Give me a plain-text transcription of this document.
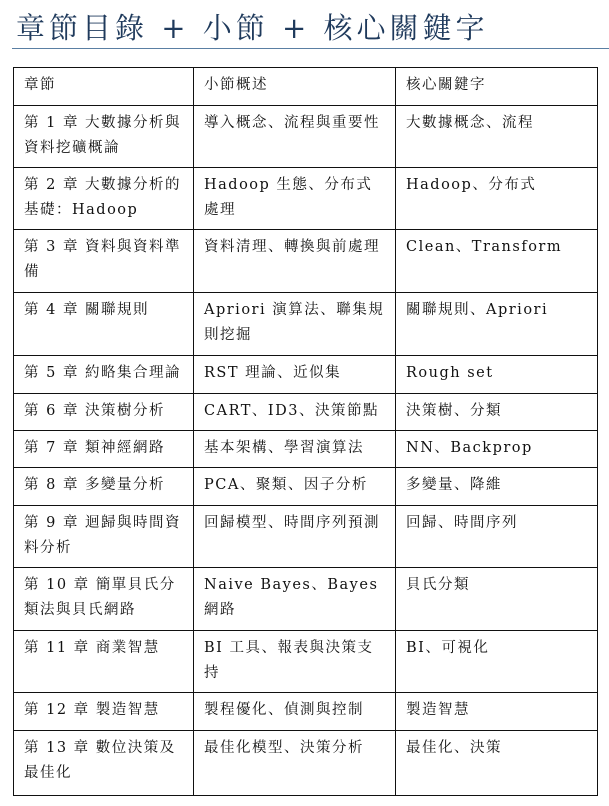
章節目錄 + 小節 + 核心關鍵字
章節	小節概述	核心關鍵字
第 1 章 大數據分析與資料挖礦概論	導入概念、流程與重要性	大數據概念、流程
第 2 章 大數據分析的基礎：Hadoop	Hadoop 生態、分布式處理	Hadoop、分布式
第 3 章 資料與資料準備	資料清理、轉換與前處理	Clean、Transform
第 4 章 關聯規則	Apriori 演算法、聯集規則挖掘	關聯規則、Apriori
第 5 章 約略集合理論	RST 理論、近似集	Rough set
第 6 章 決策樹分析	CART、ID3、決策節點	決策樹、分類
第 7 章 類神經網路	基本架構、學習演算法	NN、Backprop
第 8 章 多變量分析	PCA、聚類、因子分析	多變量、降維
第 9 章 迴歸與時間資料分析	回歸模型、時間序列預測	回歸、時間序列
第 10 章 簡單貝氏分類法與貝氏網路	Naive Bayes、Bayes 網路	貝氏分類
第 11 章 商業智慧	BI 工具、報表與決策支持	BI、可視化
第 12 章 製造智慧	製程優化、偵測與控制	製造智慧
第 13 章 數位決策及最佳化	最佳化模型、決策分析	最佳化、決策
